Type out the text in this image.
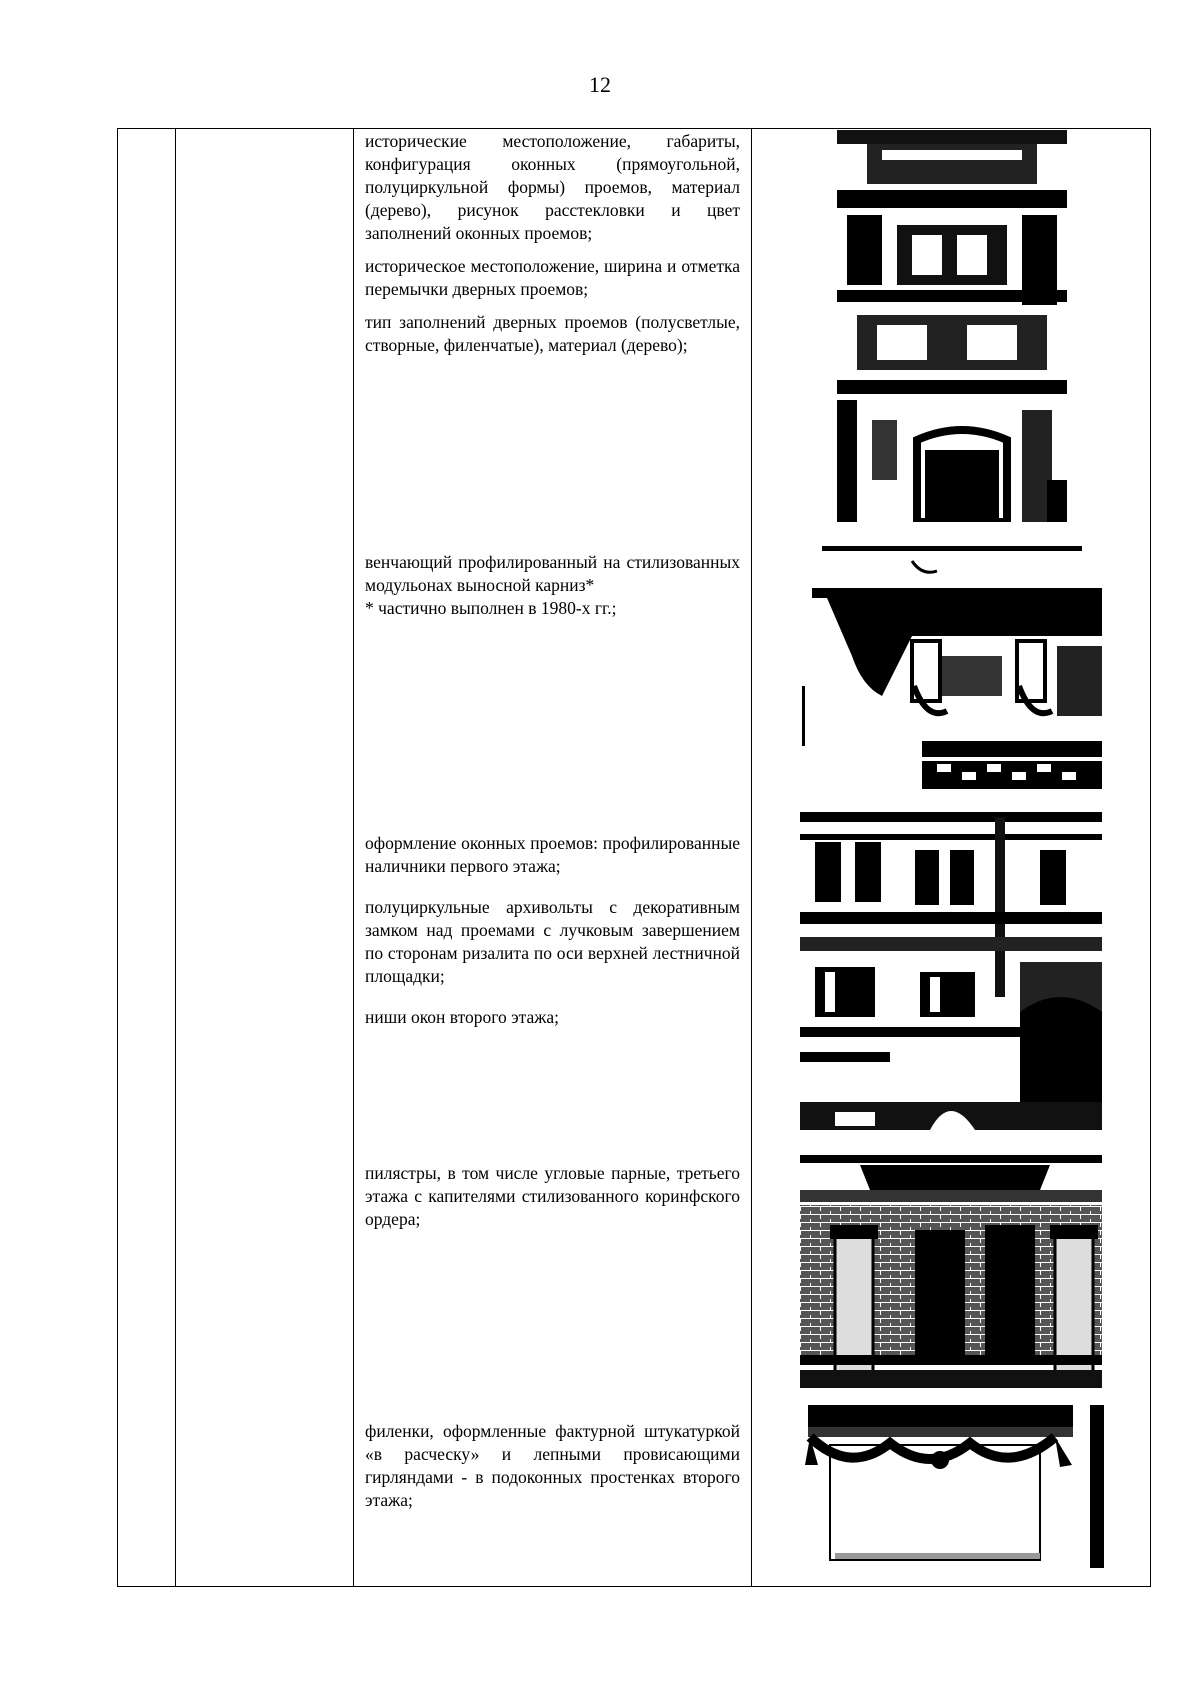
12

исторические местоположение, габариты, конфигурация оконных (прямоугольной, полуциркульной формы) проемов, материал (дерево), рисунок расстекловки и цвет заполнений оконных проемов;

историческое местоположение, ширина и отметка перемычки дверных проемов;

тип заполнений дверных проемов (полусветлые, створные, филенчатые), материал (дерево);

венчающий профилированный на стилизованных модульонах выносной карниз*

* частично выполнен в 1980-х гг.;

оформление оконных проемов: профилированные наличники первого этажа;

полуциркульные архивольты с декоративным замком над проемами с лучковым завершением по сторонам ризалита по оси верхней лестничной площадки;

ниши окон второго этажа;

пилястры, в том числе угловые парные, третьего этажа с капителями стилизованного коринфского ордера;

филенки, оформленные фактурной штукатуркой «в расческу» и лепными провисающими гирляндами - в подоконных простенках второго этажа;
